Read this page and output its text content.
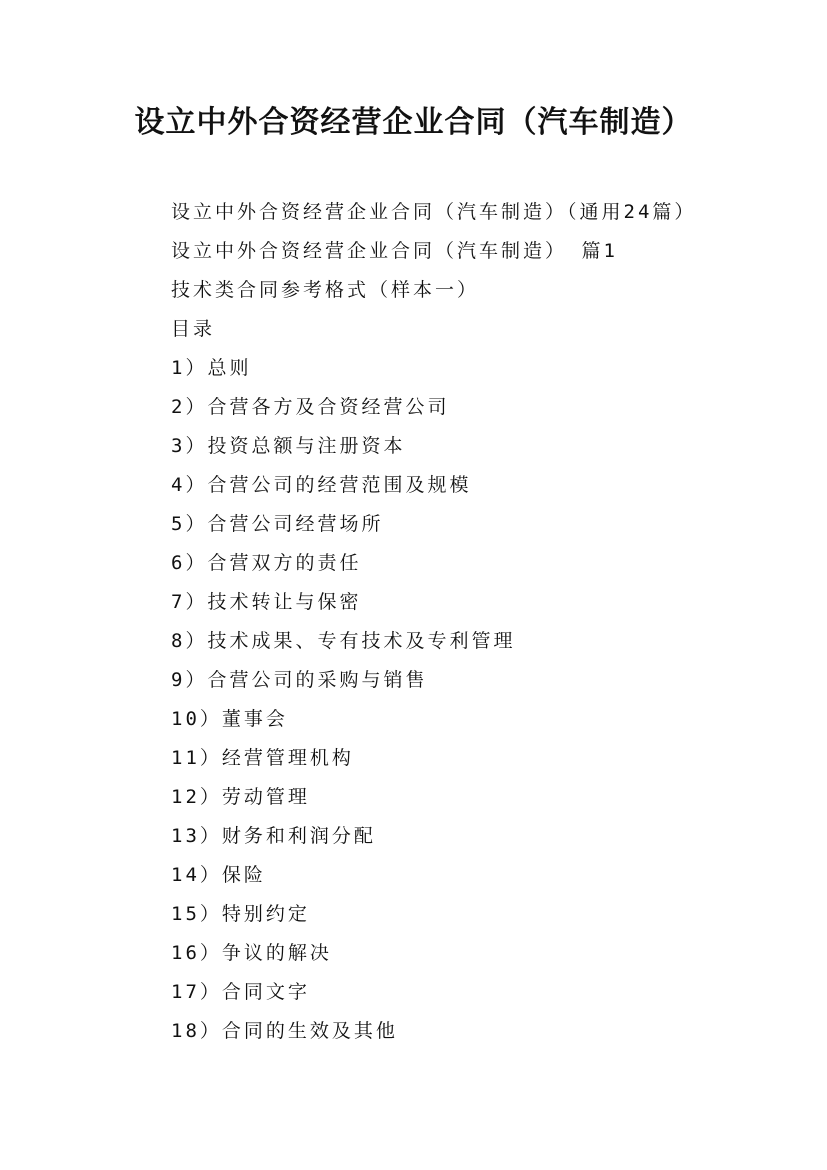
设立中外合资经营企业合同（汽车制造）
设立中外合资经营企业合同（汽车制造）（通用24篇）
设立中外合资经营企业合同（汽车制造） 篇1
技术类合同参考格式（样本一）
目录
1）总则
2）合营各方及合资经营公司
3）投资总额与注册资本
4）合营公司的经营范围及规模
5）合营公司经营场所
6）合营双方的责任
7）技术转让与保密
8）技术成果、专有技术及专利管理
9）合营公司的采购与销售
10）董事会
11）经营管理机构
12）劳动管理
13）财务和利润分配
14）保险
15）特别约定
16）争议的解决
17）合同文字
18）合同的生效及其他
